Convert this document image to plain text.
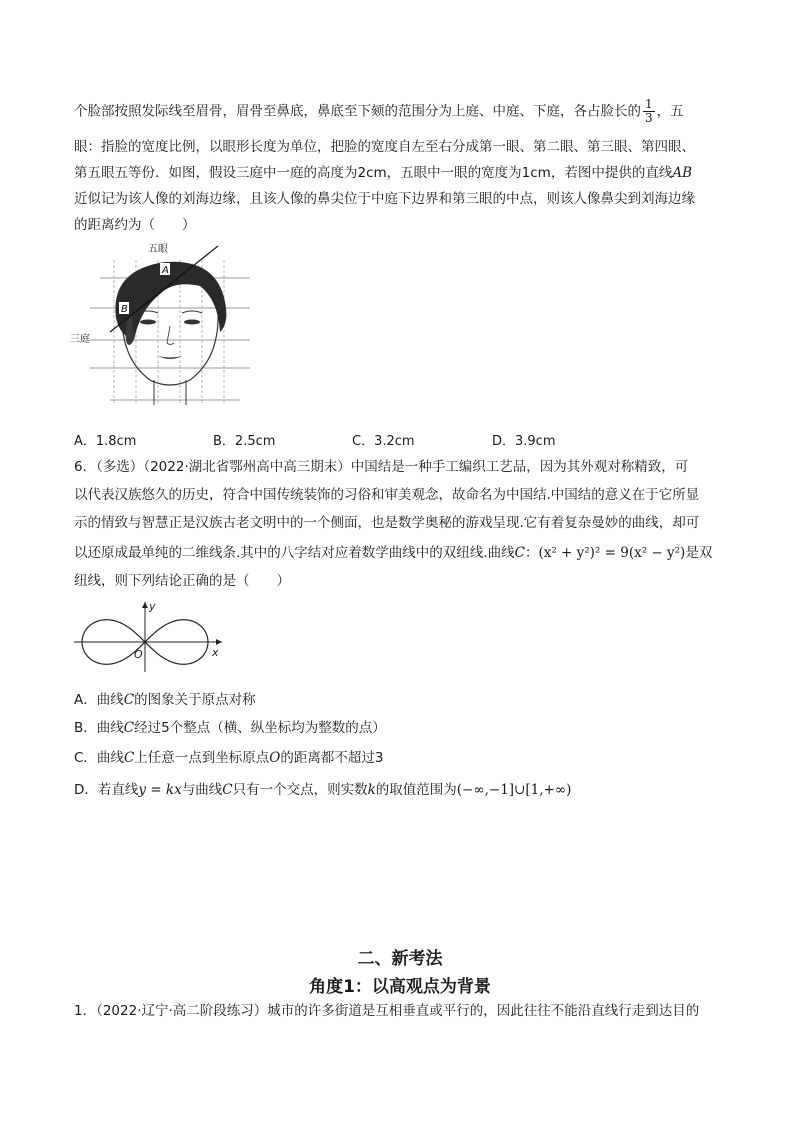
个脸部按照发际线至眉骨，眉骨至鼻底，鼻底至下颏的范围分为上庭、中庭、下庭，各占脸长的 $\frac{1}{3}$ ，五
眼：指脸的宽度比例，以眼形长度为单位，把脸的宽度自左至右分成第一眼、第二眼、第三眼、第四眼、
第五眼五等份．如图，假设三庭中一庭的高度为2cm，五眼中一眼的宽度为1cm，若图中提供的直线AB
近似记为该人像的刘海边缘，且该人像的鼻尖位于中庭下边界和第三眼的中点，则该人像鼻尖到刘海边缘
的距离约为（　　）
五眼
三庭
A
B
A．1.8cm	B．2.5cm	C．3.2cm	D．3.9cm
6．（多选）（2022·湖北省鄂州高中高三期末）中国结是一种手工编织工艺品，因为其外观对称精致，可
以代表汉族悠久的历史，符合中国传统装饰的习俗和审美观念，故命名为中国结.中国结的意义在于它所显
示的情致与智慧正是汉族古老文明中的一个侧面，也是数学奥秘的游戏呈现.它有着复杂曼妙的曲线，却可
以还原成最单纯的二维线条.其中的八字结对应着数学曲线中的双纽线.曲线C：(x² + y²)² = 9(x² − y²)是双
纽线，则下列结论正确的是（　　）
y
x
O
A．曲线C的图象关于原点对称
B．曲线C经过5个整点（横、纵坐标均为整数的点）
C．曲线C上任意一点到坐标原点O的距离都不超过3
D．若直线y = kx与曲线C只有一个交点，则实数k的取值范围为(−∞,−1]∪[1,+∞)
二、新考法
角度1：以高观点为背景
1．（2022·辽宁·高二阶段练习）城市的许多街道是互相垂直或平行的，因此往往不能沿直线行走到达目的
